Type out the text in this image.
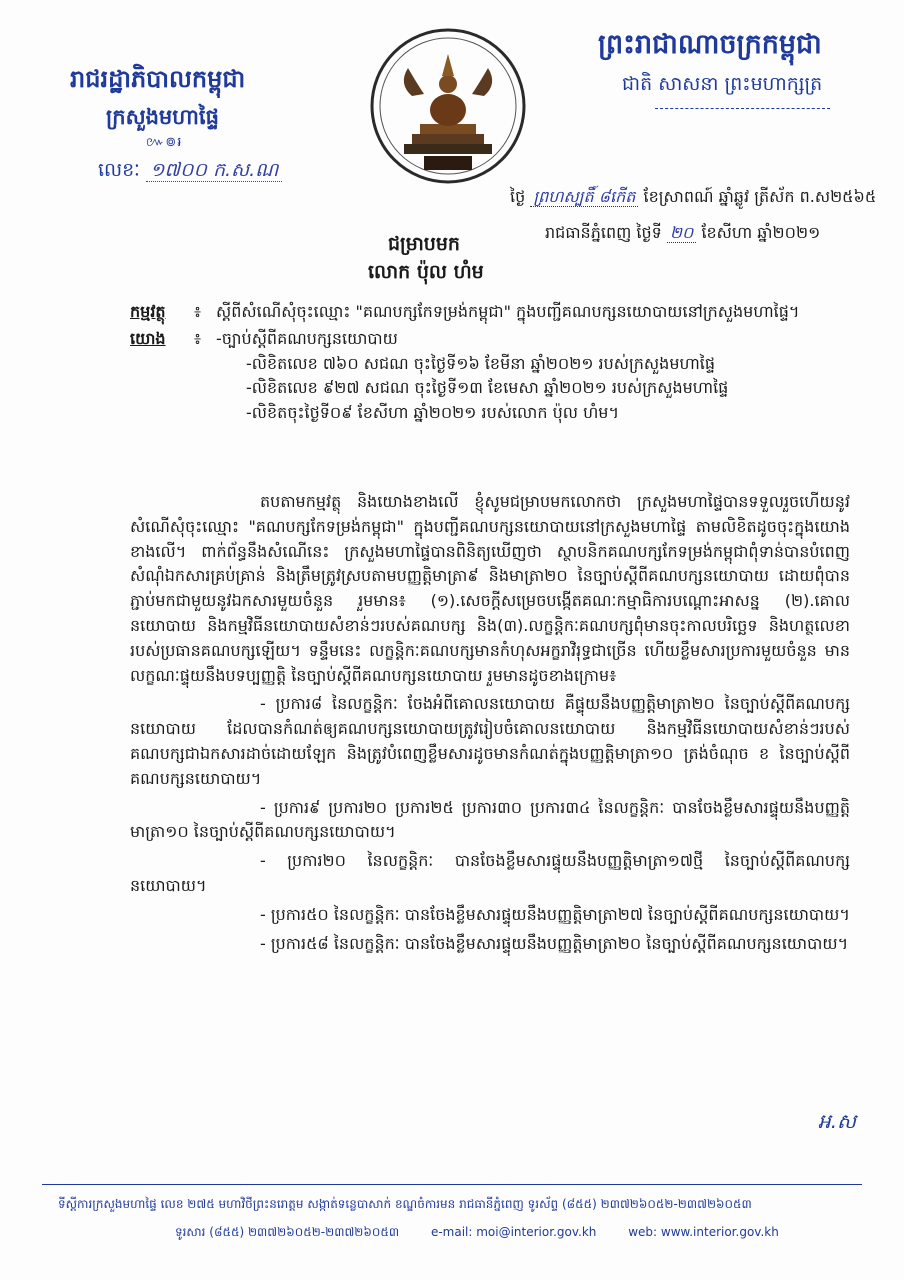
ព្រះរាជាណាចក្រកម្ពុជា
ជាតិ សាសនា ព្រះមហាក្សត្រ
រាជរដ្ឋាភិបាលកម្ពុជា
ក្រសួងមហាផ្ទៃ
៚៙៛
លេខៈ ១៧០០ ក.ស.ណ
ថ្ងៃ ព្រហស្បតិ៍ ៨កើត ខែស្រាពណ៍ ឆ្នាំឆ្លូវ ត្រីស័ក ព.ស២៥៦៥
រាជធានីភ្នំពេញ ថ្ងៃទី ២០ ខែសីហា ឆ្នាំ២០២១
ជម្រាបមក
លោក ប៉ុល ហំម
កម្មវត្ថុ	៖ ស្តីពីសំណើសុំចុះឈ្មោះ "គណបក្សកែទម្រង់កម្ពុជា" ក្នុងបញ្ជីគណបក្សនយោបាយនៅក្រសួងមហាផ្ទៃ។
យោង	៖ -ច្បាប់ស្តីពីគណបក្សនយោបាយ
-លិខិតលេខ ៧៦០ សជណ ចុះថ្ងៃទី១៦ ខែមីនា ឆ្នាំ២០២១ របស់ក្រសួងមហាផ្ទៃ
-លិខិតលេខ ៩២៧ សជណ ចុះថ្ងៃទី១៣ ខែមេសា ឆ្នាំ២០២១ របស់ក្រសួងមហាផ្ទៃ
-លិខិតចុះថ្ងៃទី០៩ ខែសីហា ឆ្នាំ២០២១ របស់លោក ប៉ុល ហំម។

តបតាមកម្មវត្ថុ និងយោងខាងលើ ខ្ញុំសូមជម្រាបមកលោកថា ក្រសួងមហាផ្ទៃបានទទួលរួចហើយនូវសំណើសុំចុះឈ្មោះ "គណបក្សកែទម្រង់កម្ពុជា" ក្នុងបញ្ជីគណបក្សនយោបាយនៅក្រសួងមហាផ្ទៃ តាមលិខិតដូចចុះក្នុងយោងខាងលើ។ ពាក់ព័ន្ធនឹងសំណើនេះ ក្រសួងមហាផ្ទៃបានពិនិត្យឃើញថា ស្ថាបនិកគណបក្សកែទម្រង់កម្ពុជាពុំទាន់បានបំពេញសំណុំឯកសារគ្រប់គ្រាន់ និងត្រឹមត្រូវស្របតាមបញ្ញត្តិមាត្រា៩ និងមាត្រា២០ នៃច្បាប់ស្តីពីគណបក្សនយោបាយ ដោយពុំបានភ្ជាប់មកជាមួយនូវឯកសារមួយចំនួន រួមមាន៖ (១).សេចក្តីសម្រេចបង្កើតគណៈកម្មាធិការបណ្តោះអាសន្ន (២).គោលនយោបាយ និងកម្មវិធីនយោបាយសំខាន់ៗរបស់គណបក្ស និង(៣).លក្ខន្តិកៈគណបក្សពុំមានចុះកាលបរិច្ឆេទ និងហត្ថលេខារបស់ប្រធានគណបក្សឡើយ។ ទន្ទឹមនេះ លក្ខន្តិកៈគណបក្សមានកំហុសអក្ខរាវិរុទ្ធជាច្រើន ហើយខ្លឹមសារប្រការមួយចំនួន មានលក្ខណៈផ្ទុយនឹងបទប្បញ្ញត្តិ នៃច្បាប់ស្តីពីគណបក្សនយោបាយ រួមមានដូចខាងក្រោម៖

- ប្រការ៨ នៃលក្ខន្តិកៈ ចែងអំពីគោលនយោបាយ គឺផ្ទុយនឹងបញ្ញត្តិមាត្រា២០ នៃច្បាប់ស្តីពីគណបក្សនយោបាយ ដែលបានកំណត់ឲ្យគណបក្សនយោបាយត្រូវរៀបចំគោលនយោបាយ និងកម្មវិធីនយោបាយសំខាន់ៗរបស់គណបក្សជាឯកសារដាច់ដោយឡែក និងត្រូវបំពេញខ្លឹមសារដូចមានកំណត់ក្នុងបញ្ញត្តិមាត្រា១០ ត្រង់ចំណុច ខ នៃច្បាប់ស្តីពីគណបក្សនយោបាយ។

- ប្រការ៩ ប្រការ២០ ប្រការ២៥ ប្រការ៣០ ប្រការ៣៤ នៃលក្ខន្តិកៈ បានចែងខ្លឹមសារផ្ទុយនឹងបញ្ញត្តិមាត្រា១០ នៃច្បាប់ស្តីពីគណបក្សនយោបាយ។

- ប្រការ២០ នៃលក្ខន្តិកៈ បានចែងខ្លឹមសារផ្ទុយនឹងបញ្ញត្តិមាត្រា១៧ថ្មី នៃច្បាប់ស្តីពីគណបក្សនយោបាយ។

- ប្រការ៥០ នៃលក្ខន្តិកៈ បានចែងខ្លឹមសារផ្ទុយនឹងបញ្ញត្តិមាត្រា២៧ នៃច្បាប់ស្តីពីគណបក្សនយោបាយ។

- ប្រការ៥៨ នៃលក្ខន្តិកៈ បានចែងខ្លឹមសារផ្ទុយនឹងបញ្ញត្តិមាត្រា២០ នៃច្បាប់ស្តីពីគណបក្សនយោបាយ។

អ.ស
ទីស្តីការក្រសួងមហាផ្ទៃ លេខ ២៧៥ មហាវិថីព្រះនរោត្តម សង្កាត់ទន្លេបាសាក់ ខណ្ឌចំការមន រាជធានីភ្នំពេញ ទូរស័ព្ទ (៨៥៥) ២៣៧២៦០៥២-២៣៧២៦០៥៣
ទូរសារ (៨៥៥) ២៣៧២៦០៥២-២៣៧២៦០៥៣	e-mail: moi@interior.gov.kh	web: www.interior.gov.kh
